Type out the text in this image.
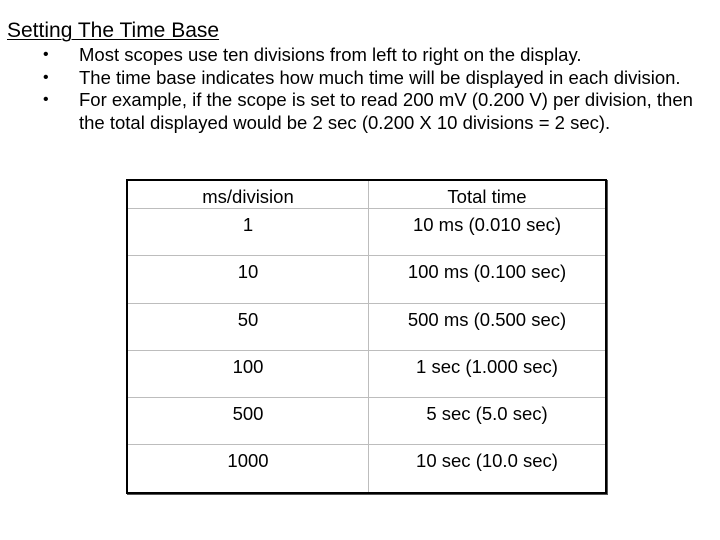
Setting The Time Base
• Most scopes use ten divisions from left to right on the display.
• The time base indicates how much time will be displayed in each division.
• For example, if the scope is set to read 200 mV (0.200 V) per division, then the total displayed would be 2 sec (0.200 X 10 divisions = 2 sec).
ms/division	Total time
1	10 ms (0.010 sec)
10	100 ms (0.100 sec)
50	500 ms (0.500 sec)
100	1 sec (1.000 sec)
500	5 sec (5.0 sec)
1000	10 sec (10.0 sec)
